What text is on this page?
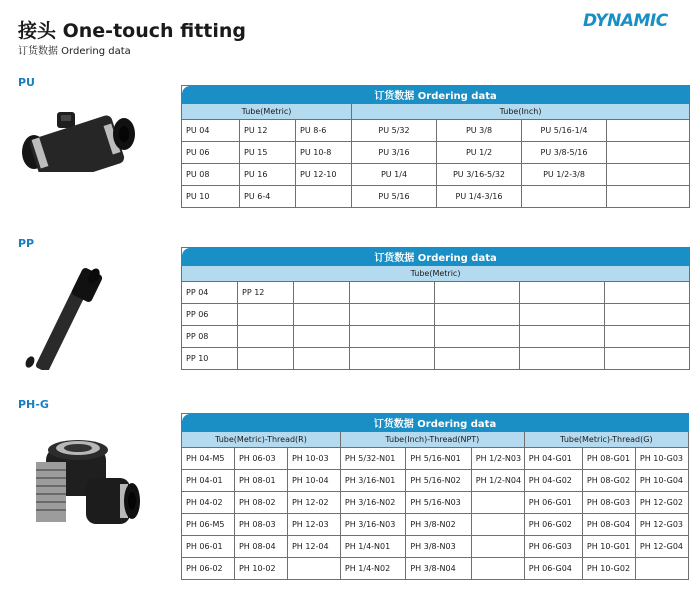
接头 One-touch fitting
订货数据 Ordering data
DYNAMIC
PU
订货数据 Ordering data						
Tube(Metric)			Tube(Inch)			
PU 04	PU 12	PU 8-6	PU 5/32	PU 3/8	PU 5/16-1/4	
PU 06	PU 15	PU 10-8	PU 3/16	PU 1/2	PU 3/8-5/16	
PU 08	PU 16	PU 12-10	PU 1/4	PU 3/16-5/32	PU 1/2-3/8	
PU 10	PU 6-4		PU 5/16	PU 1/4-3/16		
PP
订货数据 Ordering data						
Tube(Metric)						
PP 04	PP 12					
PP 06						
PP 08						
PP 10						
PH-G
订货数据 Ordering data								
Tube(Metric)-Thread(R)			Tube(Inch)-Thread(NPT)			Tube(Metric)-Thread(G)		
PH 04-M5	PH 06-03	PH 10-03	PH 5/32-N01	PH 5/16-N01	PH 1/2-N03	PH 04-G01	PH 08-G01	PH 10-G03
PH 04-01	PH 08-01	PH 10-04	PH 3/16-N01	PH 5/16-N02	PH 1/2-N04	PH 04-G02	PH 08-G02	PH 10-G04
PH 04-02	PH 08-02	PH 12-02	PH 3/16-N02	PH 5/16-N03		PH 06-G01	PH 08-G03	PH 12-G02
PH 06-M5	PH 08-03	PH 12-03	PH 3/16-N03	PH 3/8-N02		PH 06-G02	PH 08-G04	PH 12-G03
PH 06-01	PH 08-04	PH 12-04	PH 1/4-N01	PH 3/8-N03		PH 06-G03	PH 10-G01	PH 12-G04
PH 06-02	PH 10-02		PH 1/4-N02	PH 3/8-N04		PH 06-G04	PH 10-G02	
